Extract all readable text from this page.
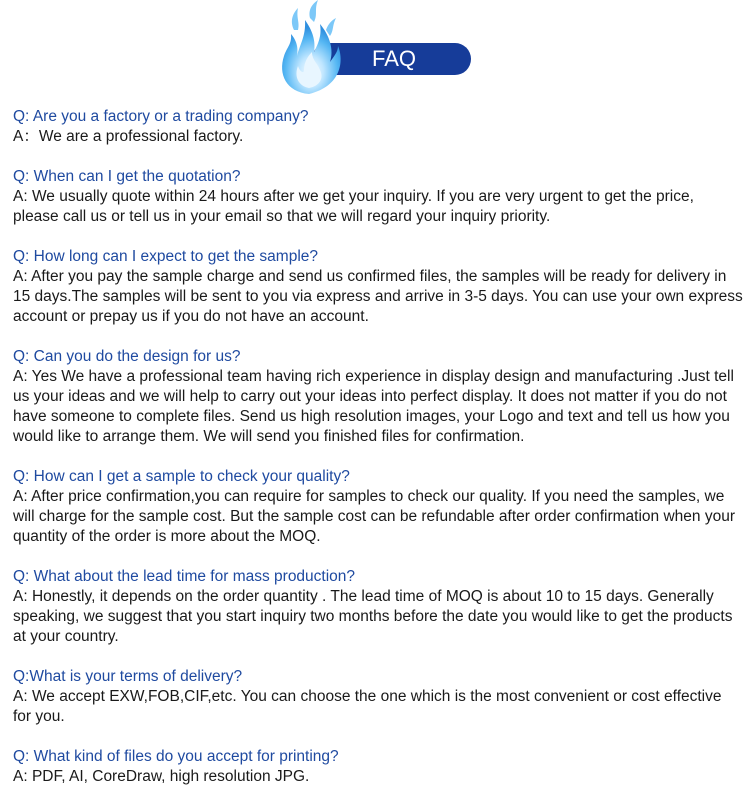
FAQ

Q: Are you a factory or a trading company?

A：We are a professional factory.

Q: When can I get the quotation?

A: We usually quote within 24 hours after we get your inquiry. If you are very urgent to get the price, please call us or tell us in your email so that we will regard your inquiry priority.

Q: How long can I expect to get the sample?

A: After you pay the sample charge and send us confirmed files, the samples will be ready for delivery in 15 days.The samples will be sent to you via express and arrive in 3-5 days. You can use your own express account or prepay us if you do not have an account.

Q: Can you do the design for us?

A: Yes We have a professional team having rich experience in display design and manufacturing .Just tell us your ideas and we will help to carry out your ideas into perfect display. It does not matter if you do not have someone to complete files. Send us high resolution images, your Logo and text and tell us how you would like to arrange them. We will send you finished files for confirmation.

Q: How can I get a sample to check your quality?

A: After price confirmation,you can require for samples to check our quality. If you need the samples, we will charge for the sample cost. But the sample cost can be refundable after order confirmation when your quantity of the order is more about the MOQ.

Q: What about the lead time for mass production?

A: Honestly, it depends on the order quantity . The lead time of MOQ is about 10 to 15 days. Generally speaking, we suggest that you start inquiry two months before the date you would like to get the products at your country.

Q:What is your terms of delivery?

A: We accept EXW,FOB,CIF,etc. You can choose the one which is the most convenient or cost effective for you.

Q: What kind of files do you accept for printing?

A: PDF, AI, CoreDraw, high resolution JPG.
